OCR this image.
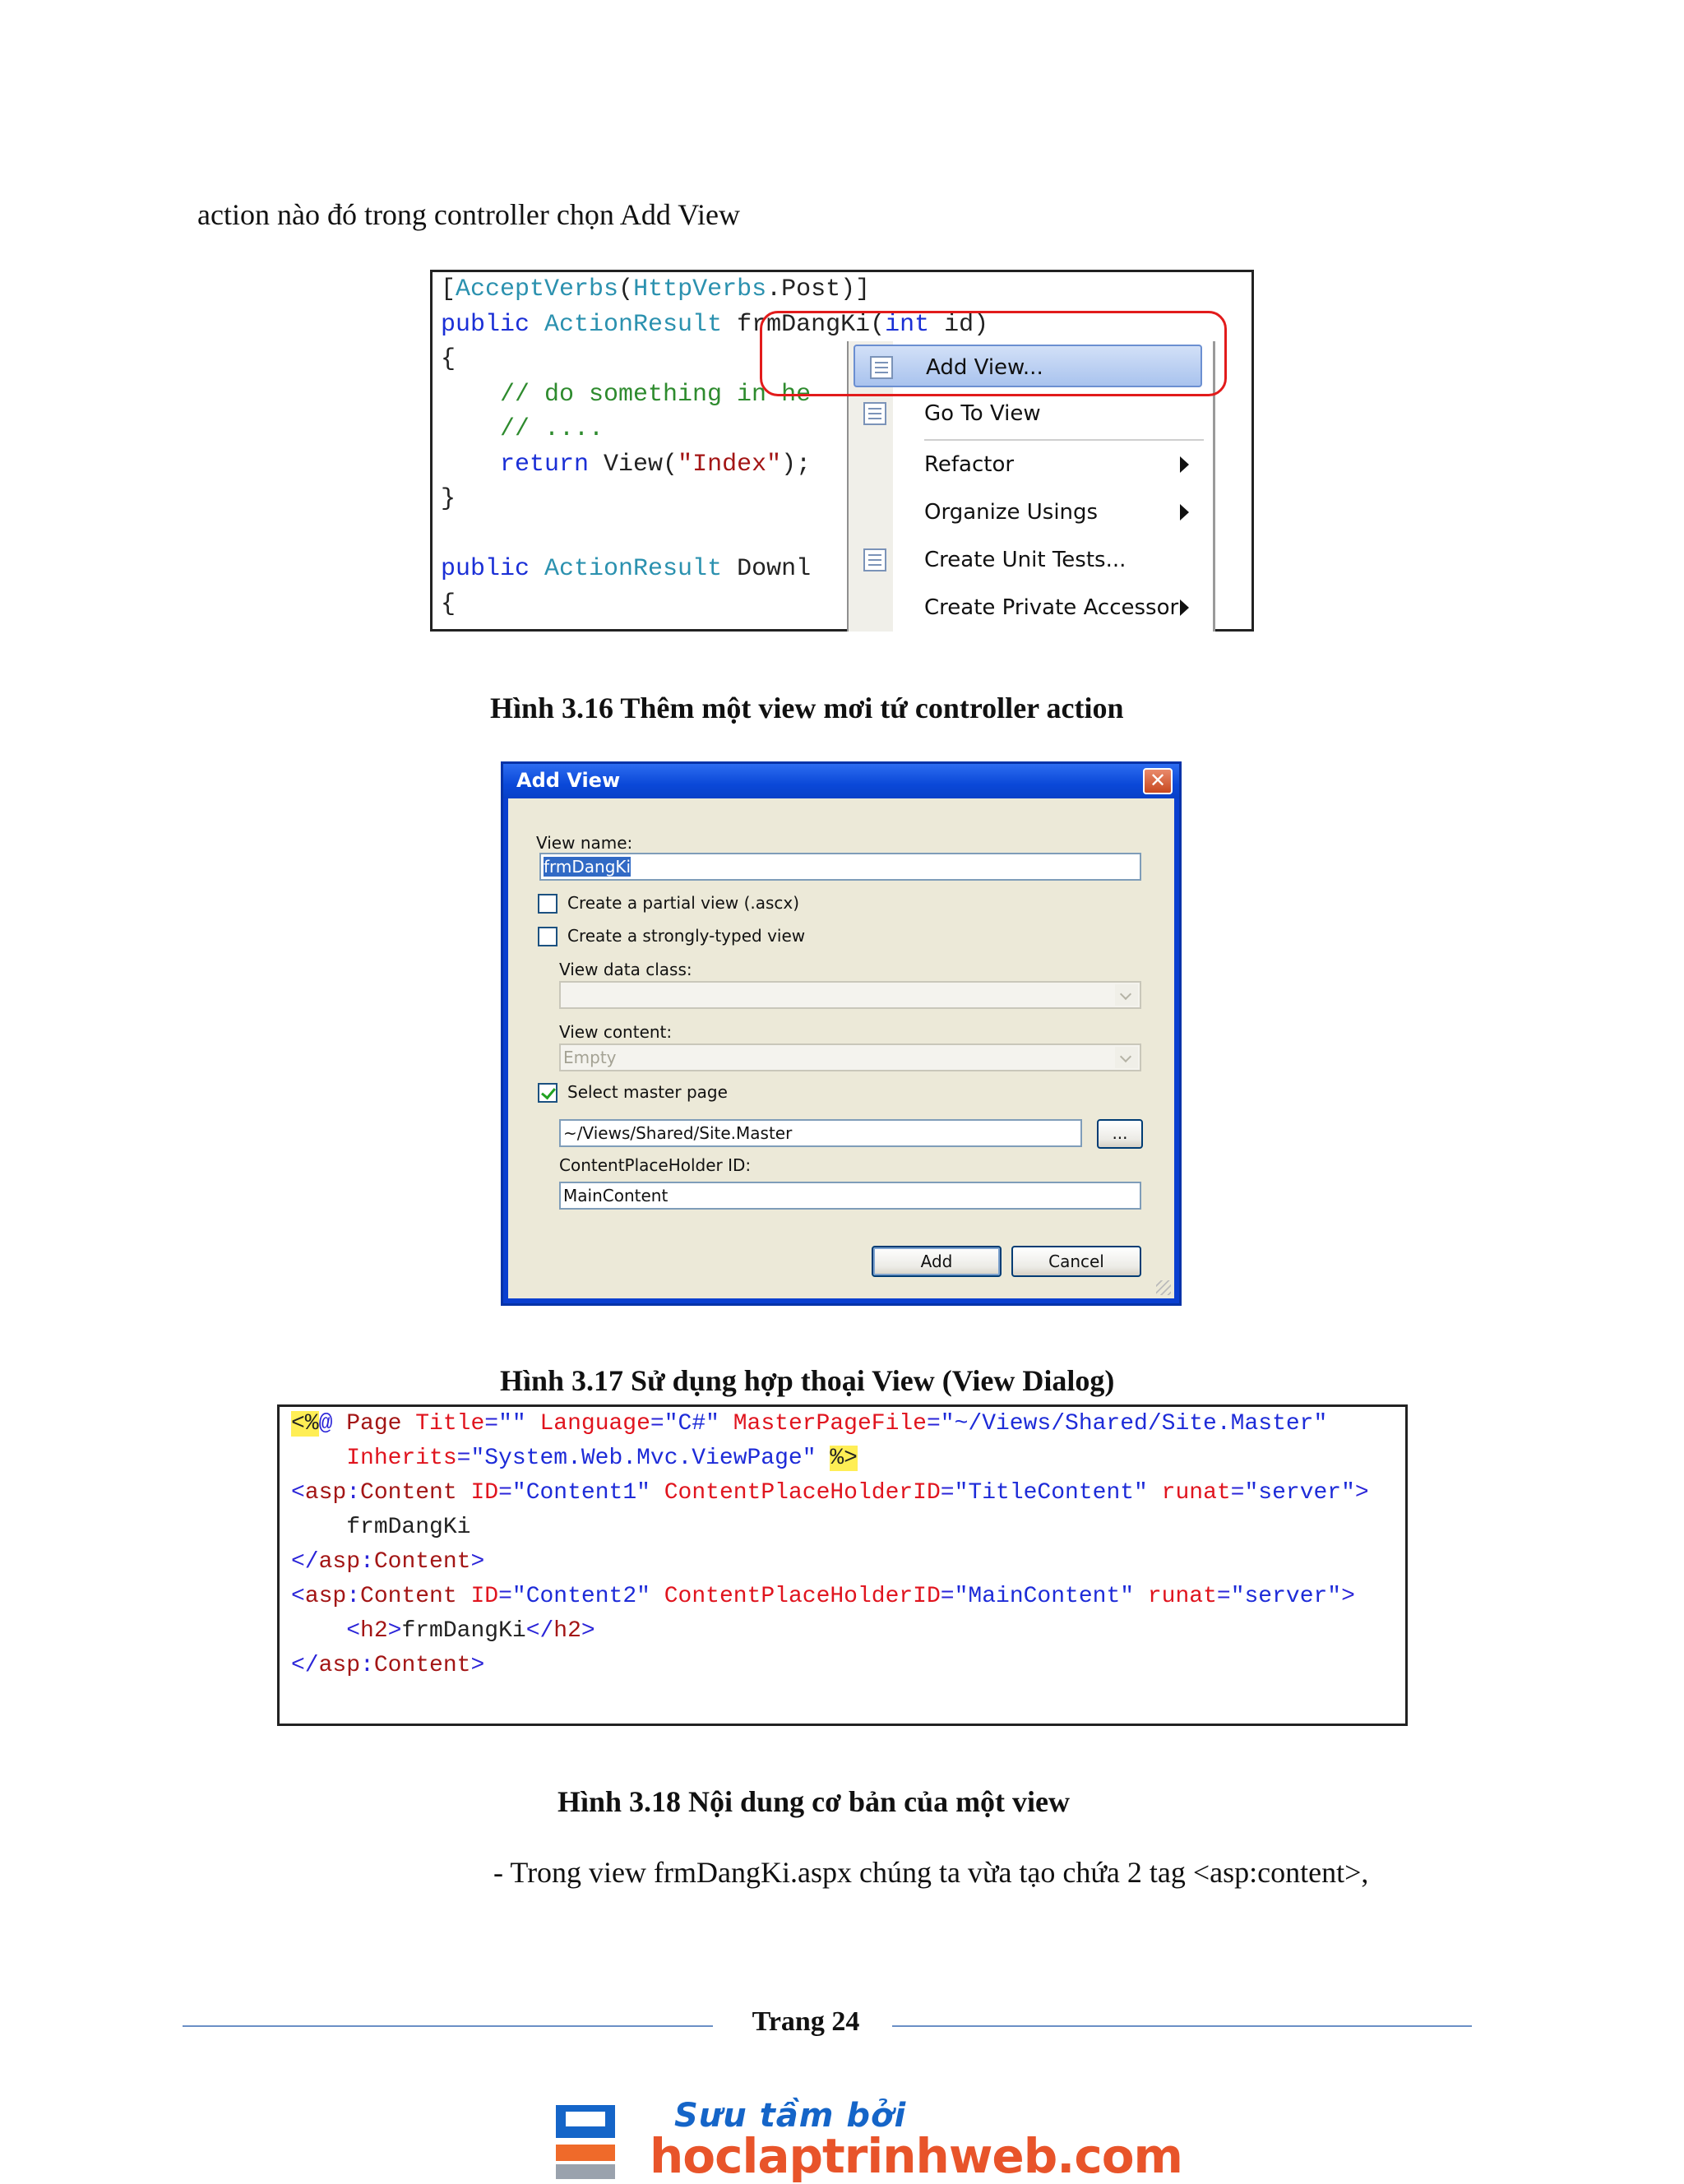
action nào đó trong controller chọn Add View
[AcceptVerbs(HttpVerbs.Post)]
public ActionResult frmDangKi(int id)
{
// do something in he
// ....
return View("Index");
}
public ActionResult Downl
{
Add View...
Go To View
Refactor
Organize Usings
Create Unit Tests...
Create Private Accessor
Hình 3.16 Thêm một view mơi tứ controller action
Add View	✕
View name:
frmDangKi
Create a partial view (.ascx)
Create a strongly-typed view
View data class:
View content:
Empty
Select master page
~/Views/Shared/Site.Master	...
ContentPlaceHolder ID:
MainContent
Add	Cancel
Hình 3.17 Sử dụng hợp thoại View (View Dialog)
<%@ Page Title="" Language="C#" MasterPageFile="~/Views/Shared/Site.Master"
Inherits="System.Web.Mvc.ViewPage" %>
<asp:Content ID="Content1" ContentPlaceHolderID="TitleContent" runat="server">
frmDangKi
</asp:Content>
<asp:Content ID="Content2" ContentPlaceHolderID="MainContent" runat="server">
<h2>frmDangKi</h2>
</asp:Content>
Hình 3.18 Nội dung cơ bản của một view
- Trong view frmDangKi.aspx chúng ta vừa tạo chứa 2 tag <asp:content>,
Trang 24
Sưu tầm bởi
hoclaptrinhweb.com
